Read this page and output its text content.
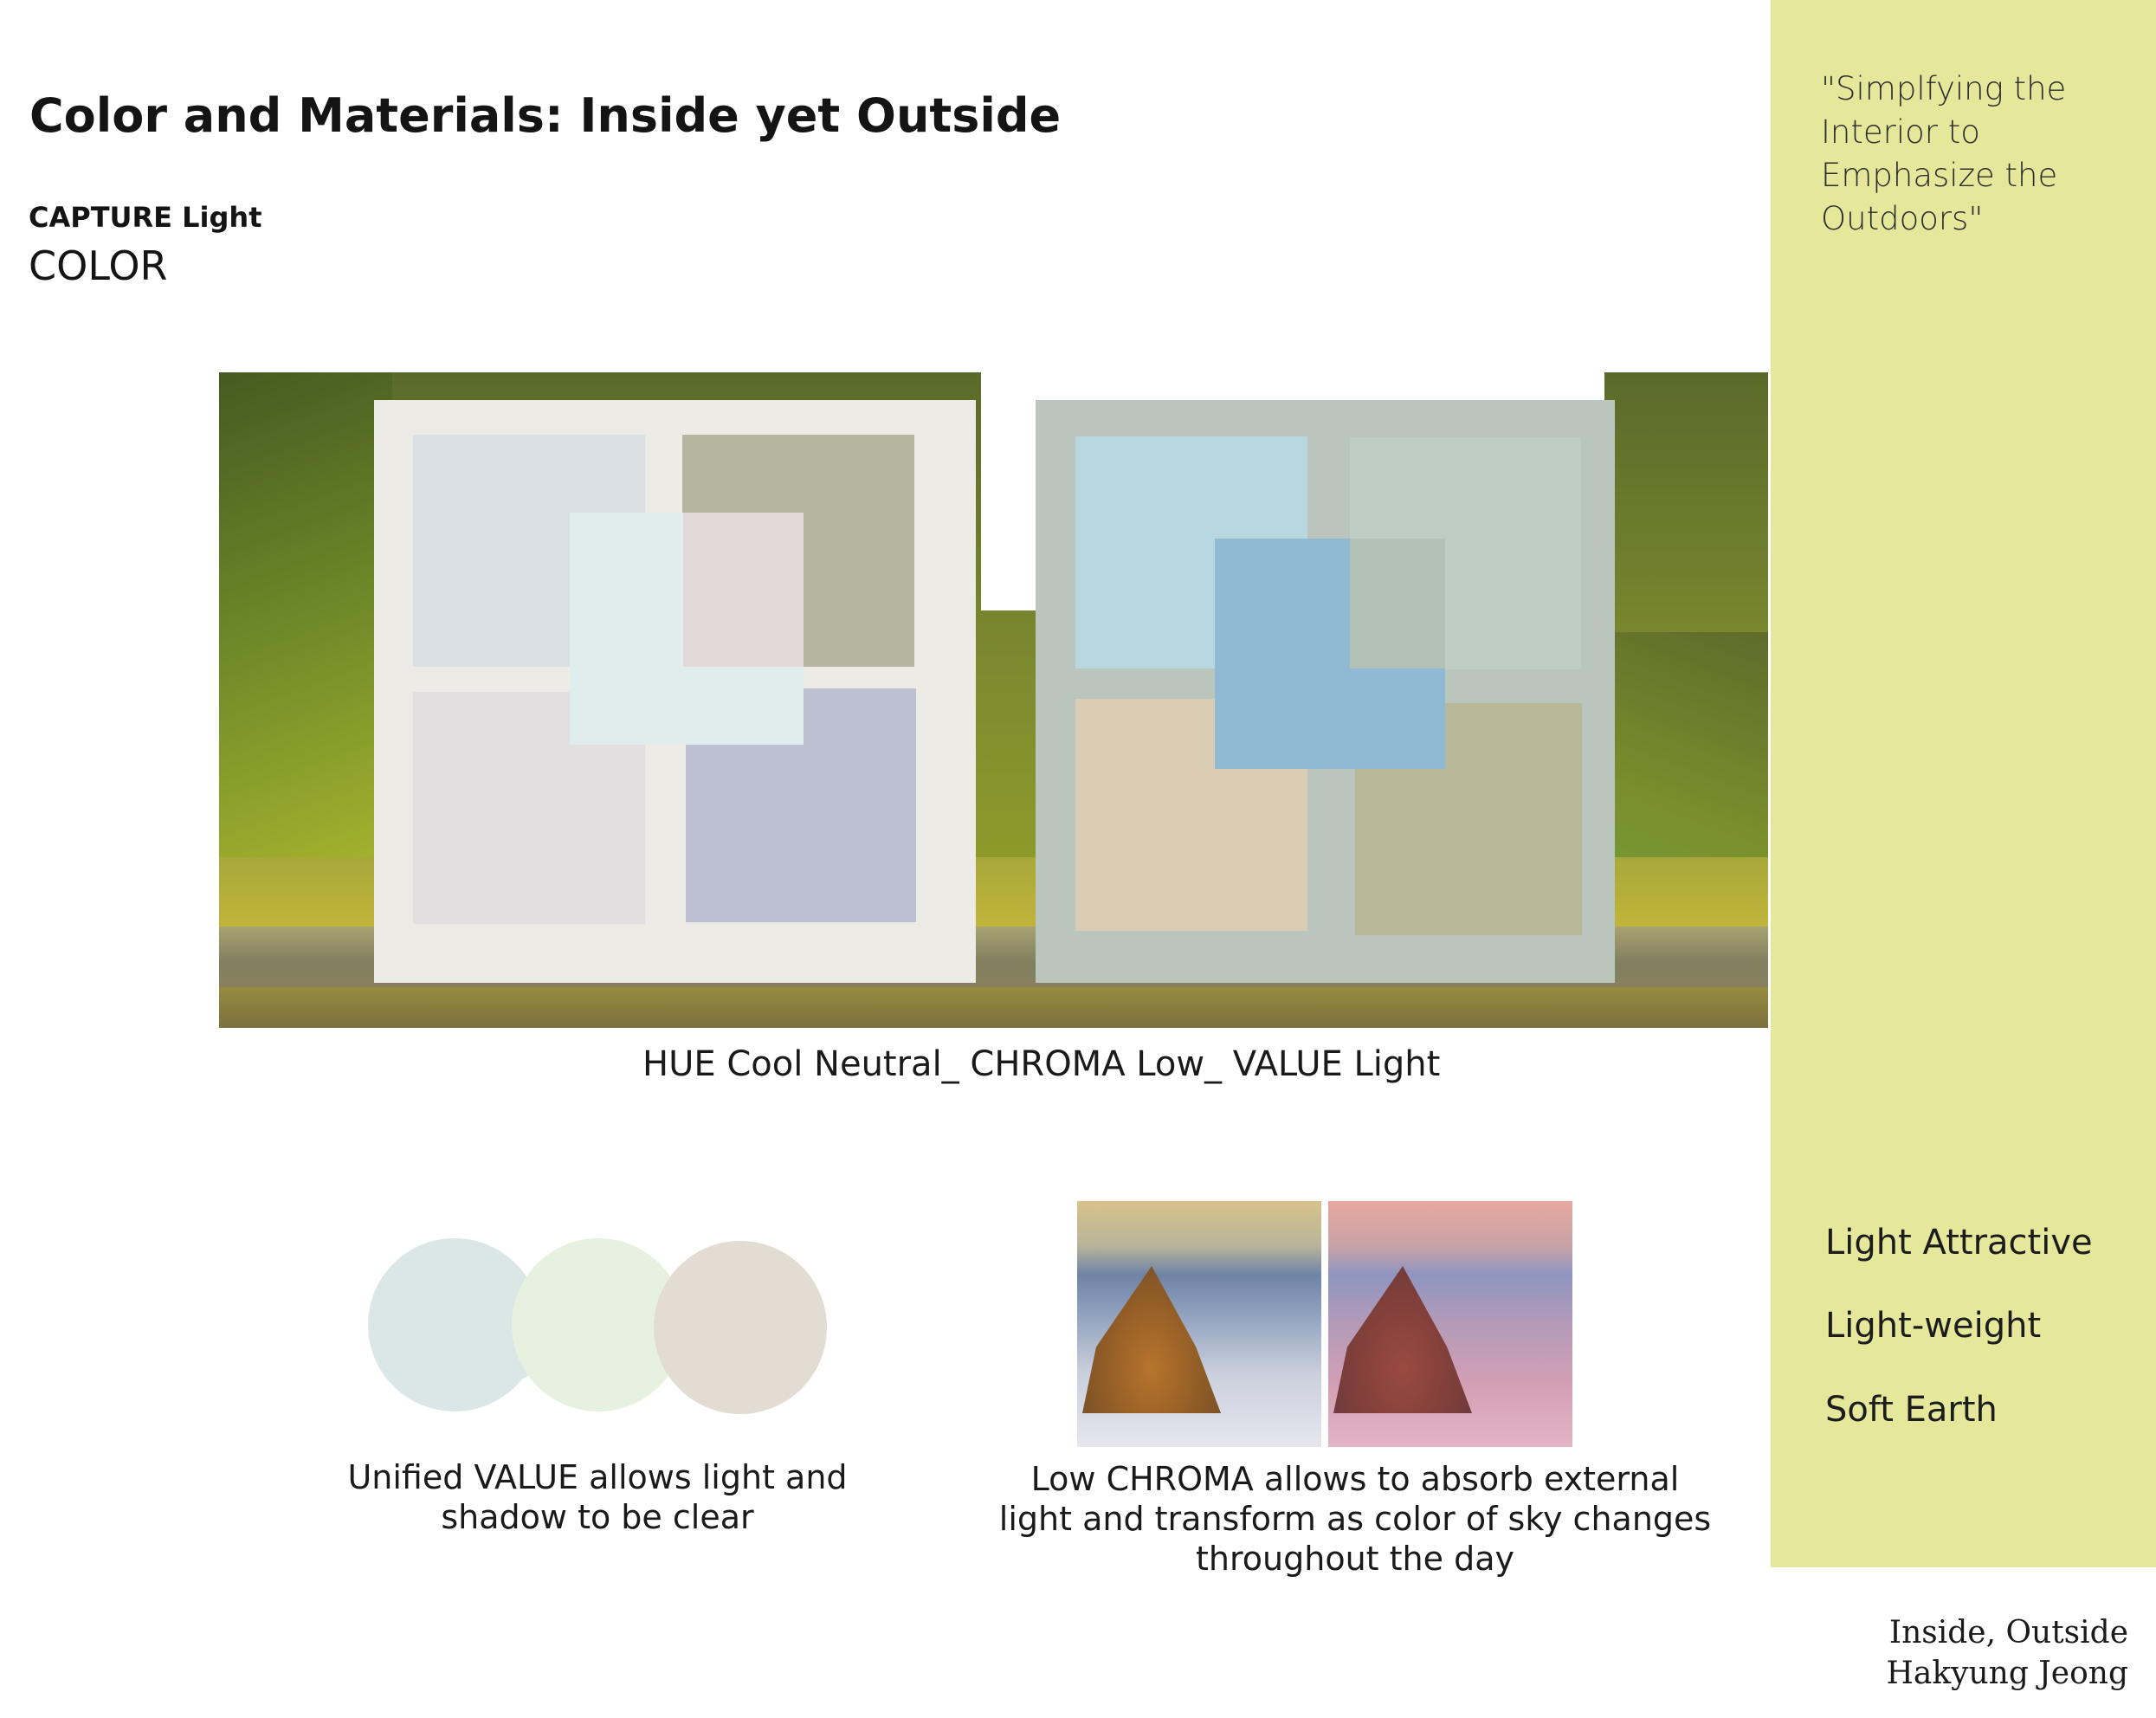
Color and Materials: Inside yet Outside
CAPTURE Light
COLOR
"Simplfying the Interior to Emphasize the Outdoors"
Light Attractive
Light-weight
Soft Earth
HUE Cool Neutral_ CHROMA Low_ VALUE Light
Unified VALUE allows light and shadow to be clear
Low CHROMA allows to absorb external light and transform as color of sky changes throughout the day
Inside, Outside
Hakyung Jeong
